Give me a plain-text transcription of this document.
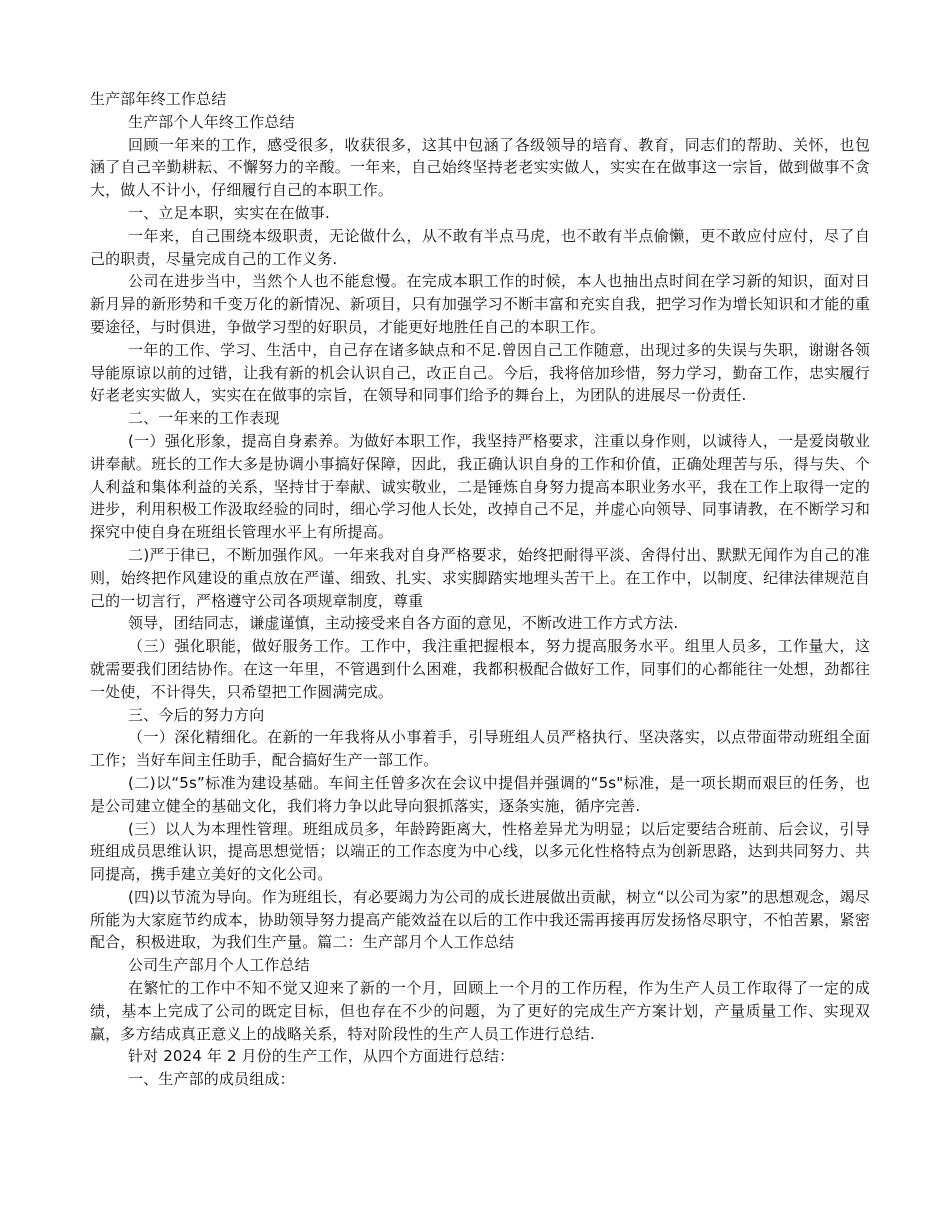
生产部年终工作总结

生产部个人年终工作总结

回顾一年来的工作，感受很多，收获很多，这其中包涵了各级领导的培育、教育，同志们的帮助、关怀，也包涵了自己辛勤耕耘、不懈努力的辛酸。一年来，自己始终坚持老老实实做人，实实在在做事这一宗旨，做到做事不贪大，做人不计小，仔细履行自己的本职工作。

一、立足本职，实实在在做事.

一年来，自己围绕本级职责，无论做什么，从不敢有半点马虎，也不敢有半点偷懒，更不敢应付应付，尽了自己的职责，尽量完成自己的工作义务.

公司在进步当中，当然个人也不能怠慢。在完成本职工作的时候，本人也抽出点时间在学习新的知识，面对日新月异的新形势和千变万化的新情况、新项目，只有加强学习不断丰富和充实自我，把学习作为增长知识和才能的重要途径，与时俱进，争做学习型的好职员，才能更好地胜任自己的本职工作。

一年的工作、学习、生活中，自己存在诸多缺点和不足.曾因自己工作随意，出现过多的失误与失职，谢谢各领导能原谅以前的过错，让我有新的机会认识自己，改正自己。今后，我将倍加珍惜，努力学习，勤奋工作，忠实履行好老老实实做人，实实在在做事的宗旨，在领导和同事们给予的舞台上，为团队的进展尽一份责任.

二、一年来的工作表现

(一）强化形象，提高自身素养。为做好本职工作，我坚持严格要求，注重以身作则，以诚待人，一是爱岗敬业讲奉献。班长的工作大多是协调小事搞好保障，因此，我正确认识自身的工作和价值，正确处理苦与乐，得与失、个人利益和集体利益的关系，坚持甘于奉献、诚实敬业，二是锤炼自身努力提高本职业务水平，我在工作上取得一定的进步，利用积极工作汲取经验的同时，细心学习他人长处，改掉自己不足，并虚心向领导、同事请教，在不断学习和探究中使自身在班组长管理水平上有所提高。

二)严于律已，不断加强作风。一年来我对自身严格要求，始终把耐得平淡、舍得付出、默默无闻作为自己的准则，始终把作风建设的重点放在严谨、细致、扎实、求实脚踏实地埋头苦干上。在工作中，以制度、纪律法律规范自己的一切言行，严格遵守公司各项规章制度，尊重

领导，团结同志，谦虚谨慎，主动接受来自各方面的意见，不断改进工作方式方法.

（三）强化职能，做好服务工作。工作中，我注重把握根本，努力提高服务水平。组里人员多，工作量大，这就需要我们团结协作。在这一年里，不管遇到什么困难，我都积极配合做好工作，同事们的心都能往一处想，劲都往一处使，不计得失，只希望把工作圆满完成。

三、今后的努力方向

（一）深化精细化。在新的一年我将从小事着手，引导班组人员严格执行、坚决落实，以点带面带动班组全面工作；当好车间主任助手，配合搞好生产一部工作。

(二)以“5s”标准为建设基础。车间主任曾多次在会议中提倡并强调的“5s"标准，是一项长期而艰巨的任务，也是公司建立健全的基础文化，我们将力争以此导向狠抓落实，逐条实施，循序完善.

(三）以人为本理性管理。班组成员多，年龄跨距离大，性格差异尤为明显；以后定要结合班前、后会议，引导班组成员思维认识，提高思想觉悟；以端正的工作态度为中心线，以多元化性格特点为创新思路，达到共同努力、共同提高，携手建立美好的文化公司。

(四)以节流为导向。作为班组长，有必要竭力为公司的成长进展做出贡献，树立“以公司为家”的思想观念，竭尽所能为大家庭节约成本，协助领导努力提高产能效益在以后的工作中我还需再接再厉发扬恪尽职守，不怕苦累，紧密配合，积极进取，为我们生产量。篇二：生产部月个人工作总结

公司生产部月个人工作总结

在繁忙的工作中不知不觉又迎来了新的一个月，回顾上一个月的工作历程，作为生产人员工作取得了一定的成绩，基本上完成了公司的既定目标，但也存在不少的问题，为了更好的完成生产方案计划，产量质量工作、实现双赢，多方结成真正意义上的战略关系，特对阶段性的生产人员工作进行总结.

针对 2024 年 2 月份的生产工作，从四个方面进行总结：

一、生产部的成员组成：
